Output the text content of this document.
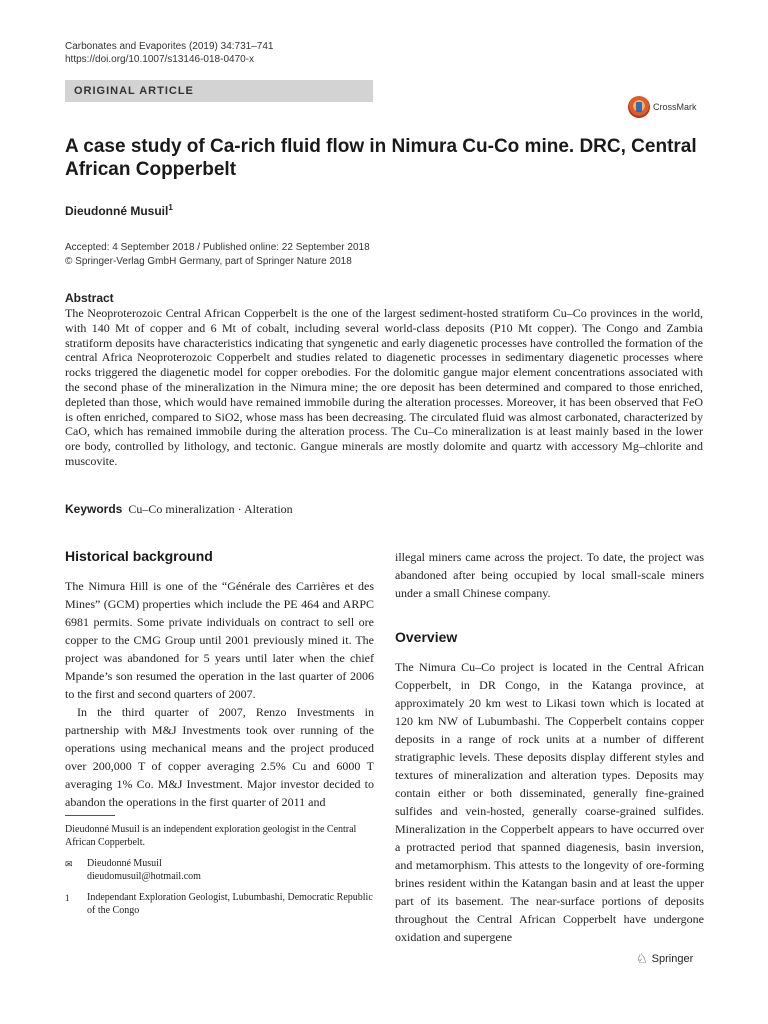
Carbonates and Evaporites (2019) 34:731–741
https://doi.org/10.1007/s13146-018-0470-x
ORIGINAL ARTICLE
CrossMark
A case study of Ca-rich fluid flow in Nimura Cu-Co mine. DRC, Central African Copperbelt
Dieudonné Musuil$^1$
Accepted: 4 September 2018 / Published online: 22 September 2018
© Springer-Verlag GmbH Germany, part of Springer Nature 2018
Abstract

The Neoproterozoic Central African Copperbelt is the one of the largest sediment-hosted stratiform Cu–Co provinces in the world, with 140 Mt of copper and 6 Mt of cobalt, including several world-class deposits (P10 Mt copper). The Congo and Zambia stratiform deposits have characteristics indicating that syngenetic and early diagenetic processes have controlled the formation of the central Africa Neoproterozoic Copperbelt and studies related to diagenetic processes in sedimentary diagenetic processes where rocks triggered the diagenetic model for copper orebodies. For the dolomitic gangue major element concentrations associated with the second phase of the mineralization in the Nimura mine; the ore deposit has been determined and compared to those enriched, depleted than those, which would have remained immobile during the alteration processes. Moreover, it has been observed that FeO is often enriched, compared to SiO2, whose mass has been decreasing. The circulated fluid was almost carbonated, characterized by CaO, which has remained immobile during the alteration process. The Cu–Co mineralization is at least mainly based in the lower ore body, controlled by lithology, and tectonic. Gangue minerals are mostly dolomite and quartz with accessory Mg–chlorite and muscovite.

Keywords Cu–Co mineralization · Alteration
Historical background

The Nimura Hill is one of the “Générale des Carrières et des Mines” (GCM) properties which include the PE 464 and ARPC 6981 permits. Some private individuals on contract to sell ore copper to the CMG Group until 2001 previously mined it. The project was abandoned for 5 years until later when the chief Mpande’s son resumed the operation in the last quarter of 2006 to the first and second quarters of 2007.

In the third quarter of 2007, Renzo Investments in partnership with M&J Investments took over running of the operations using mechanical means and the project produced over 200,000 T of copper averaging 2.5% Cu and 6000 T averaging 1% Co. M&J Investment. Major investor decided to abandon the operations in the first quarter of 2011 and

illegal miners came across the project. To date, the project was abandoned after being occupied by local small-scale miners under a small Chinese company.

Overview

The Nimura Cu–Co project is located in the Central African Copperbelt, in DR Congo, in the Katanga province, at approximately 20 km west to Likasi town which is located at 120 km NW of Lubumbashi. The Copperbelt contains copper deposits in a range of rock units at a number of different stratigraphic levels. These deposits display different styles and textures of mineralization and alteration types. Deposits may contain either or both disseminated, generally fine-grained sulfides and vein-hosted, generally coarse-grained sulfides. Mineralization in the Copperbelt appears to have occurred over a protracted period that spanned diagenesis, basin inversion, and metamorphism. This attests to the longevity of ore-forming brines resident within the Katangan basin and at least the upper part of its basement. The near-surface portions of deposits throughout the Central African Copperbelt have undergone oxidation and supergene

Dieudonné Musuil is an independent exploration geologist in the Central African Copperbelt.
✉	Dieudonné Musuil
dieudomusuil@hotmail.com
1	Independant Exploration Geologist, Lubumbashi, Democratic Republic of the Congo
♘ Springer
